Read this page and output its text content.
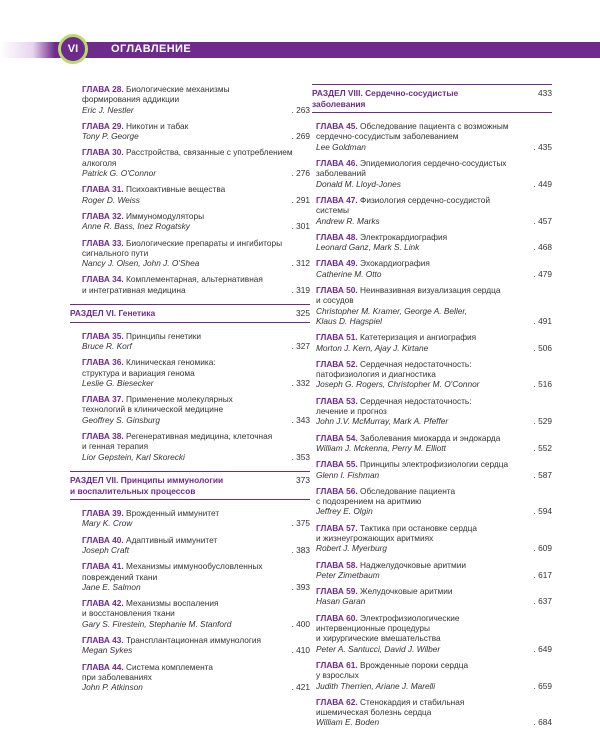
ОГЛАВЛЕНИЕ
VI
ГЛАВА 28. Биологические механизмы
формирования аддикции
Eric J. Nestler	. 263
ГЛАВА 29. Никотин и табак
Tony P. George	. 269
ГЛАВА 30. Расстройства, связанные с употреблением
алкоголя
Patrick G. O'Connor	. 276
ГЛАВА 31. Психоактивные вещества
Roger D. Weiss	. 291
ГЛАВА 32. Иммуномодуляторы
Anne R. Bass, Inez Rogatsky	. 301
ГЛАВА 33. Биологические препараты и ингибиторы
сигнального пути
Nancy J. Olsen, John J. O'Shea	. 312
ГЛАВА 34. Комплементарная, альтернативная
и интегративная медицина	. 319
РАЗДЕЛ VI. Генетика	325
ГЛАВА 35. Принципы генетики
Bruce R. Korf	. 327
ГЛАВА 36. Клиническая геномика:
структура и вариация генома
Leslie G. Biesecker	. 332
ГЛАВА 37. Применение молекулярных
технологий в клинической медицине
Geoffrey S. Ginsburg	. 343
ГЛАВА 38. Регенеративная медицина, клеточная
и генная терапия
Lior Gepstein, Karl Skorecki	. 353
РАЗДЕЛ VII. Принципы иммунологии
и воспалительных процессов
373
ГЛАВА 39. Врожденный иммунитет
Mary K. Crow	. 375
ГЛАВА 40. Адаптивный иммунитет
Joseph Craft	. 383
ГЛАВА 41. Механизмы иммунообусловленных
повреждений ткани
Jane E. Salmon	. 393
ГЛАВА 42. Механизмы воспаления
и восстановления ткани
Gary S. Firestein, Stephanie M. Stanford	. 400
ГЛАВА 43. Трансплантационная иммунология
Megan Sykes	. 410
ГЛАВА 44. Система комплемента
при заболеваниях
John P. Atkinson	. 421
РАЗДЕЛ VIII. Сердечно-сосудистые заболевания
433
ГЛАВА 45. Обследование пациента с возможным
сердечно-сосудистым заболеванием
Lee Goldman	. 435
ГЛАВА 46. Эпидемиология сердечно-сосудистых
заболеваний
Donald M. Lloyd-Jones	. 449
ГЛАВА 47. Физиология сердечно-сосудистой
системы
Andrew R. Marks	. 457
ГЛАВА 48. Электрокардиография
Leonard Ganz, Mark S. Link	. 468
ГЛАВА 49. Эхокардиография
Catherine M. Otto	. 479
ГЛАВА 50. Неинвазивная визуализация сердца
и сосудов
Christopher M. Kramer, George A. Beller,
Klaus D. Hagspiel	. 491
ГЛАВА 51. Катетеризация и ангиография
Morton J. Kern, Ajay J. Kirtane	. 506
ГЛАВА 52. Сердечная недостаточность:
патофизиология и диагностика
Joseph G. Rogers, Christopher M. O'Connor	. 516
ГЛАВА 53. Сердечная недостаточность:
лечение и прогноз
John J.V. McMurray, Mark A. Pfeffer	. 529
ГЛАВА 54. Заболевания миокарда и эндокарда
William J. Mckenna, Perry M. Elliott	. 552
ГЛАВА 55. Принципы электрофизиологии сердца
Glenn I. Fishman	. 587
ГЛАВА 56. Обследование пациента
с подозрением на аритмию
Jeffrey E. Olgin	. 594
ГЛАВА 57. Тактика при остановке сердца
и жизнеугрожающих аритмиях
Robert J. Myerburg	. 609
ГЛАВА 58. Наджелудочковые аритмии
Peter Zimetbaum	. 617
ГЛАВА 59. Желудочковые аритмии
Hasan Garan	. 637
ГЛАВА 60. Электрофизиологические
интервенционные процедуры
и хирургические вмешательства
Peter A. Santucci, David J. Wilber	. 649
ГЛАВА 61. Врожденные пороки сердца
у взрослых
Judith Therrien, Ariane J. Marelli	. 659
ГЛАВА 62. Стенокардия и стабильная
ишемическая болезнь сердца
William E. Boden	. 684
